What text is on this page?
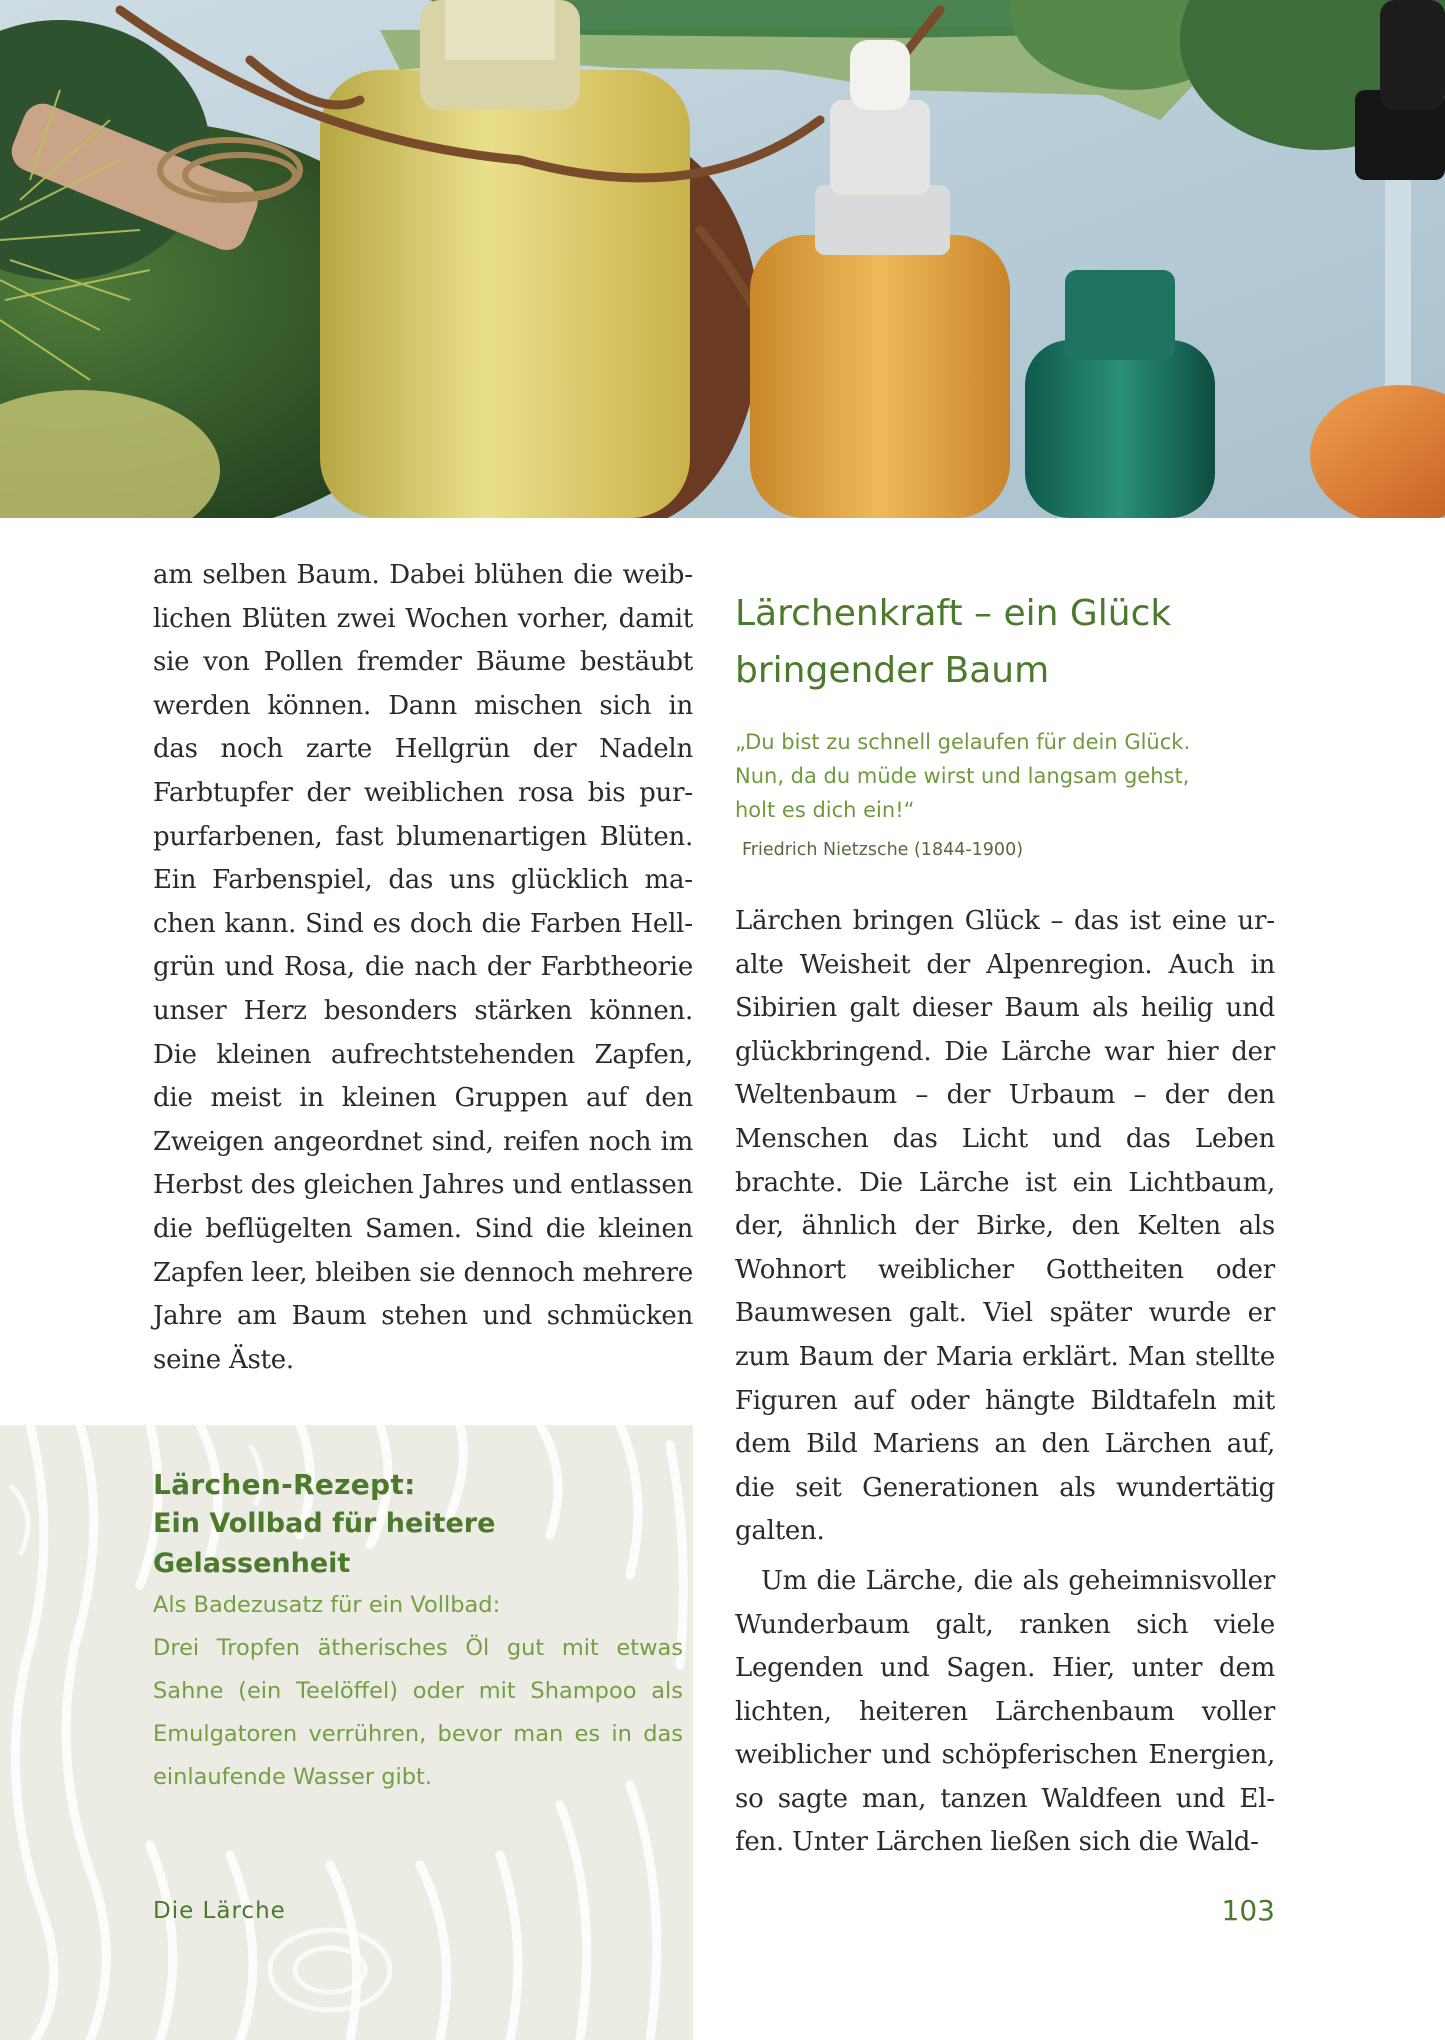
am selben Baum. Dabei blühen die weiblichen Blüten zwei Wochen vorher, damit sie von Pollen fremder Bäume bestäubt werden können. Dann mischen sich in das noch zarte Hellgrün der Nadeln Farbtupfer der weiblichen rosa bis purpurfarbenen, fast blumenartigen Blüten. Ein Farbenspiel, das uns glücklich machen kann. Sind es doch die Farben Hellgrün und Rosa, die nach der Farbtheorie unser Herz besonders stärken können. Die kleinen aufrechtstehenden Zapfen, die meist in kleinen Gruppen auf den Zweigen angeordnet sind, reifen noch im Herbst des gleichen Jahres und entlassen die beflügelten Samen. Sind die kleinen Zapfen leer, bleiben sie dennoch mehrere Jahre am Baum stehen und schmücken seine Äste.

Lärchen-Rezept:
Ein Vollbad für heitere Gelassenheit

Als Badezusatz für ein Vollbad:

Drei Tropfen ätherisches Öl gut mit etwas Sahne (ein Teelöffel) oder mit Shampoo als Emulgatoren verrühren, bevor man es in das einlaufende Wasser gibt.

Lärchenkraft – ein Glück
bringender Baum

„Du bist zu schnell gelaufen für dein Glück.
Nun, da du müde wirst und langsam gehst,
holt es dich ein!“

Friedrich Nietzsche (1844-1900)

Lärchen bringen Glück – das ist eine uralte Weisheit der Alpenregion. Auch in Sibirien galt dieser Baum als heilig und glückbringend. Die Lärche war hier der Weltenbaum – der Urbaum – der den Menschen das Licht und das Leben brachte. Die Lärche ist ein Lichtbaum, der, ähnlich der Birke, den Kelten als Wohnort weiblicher Gottheiten oder Baumwesen galt. Viel später wurde er zum Baum der Maria erklärt. Man stellte Figuren auf oder hängte Bildtafeln mit dem Bild Mariens an den Lärchen auf, die seit Generationen als wundertätig galten.

Um die Lärche, die als geheimnisvoller Wunderbaum galt, ranken sich viele Legenden und Sagen. Hier, unter dem lichten, heiteren Lärchenbaum voller weiblicher und schöpferischen Energien, so sagte man, tanzen Waldfeen und Elfen. Unter Lärchen ließen sich die Wald-

Die Lärche	103
